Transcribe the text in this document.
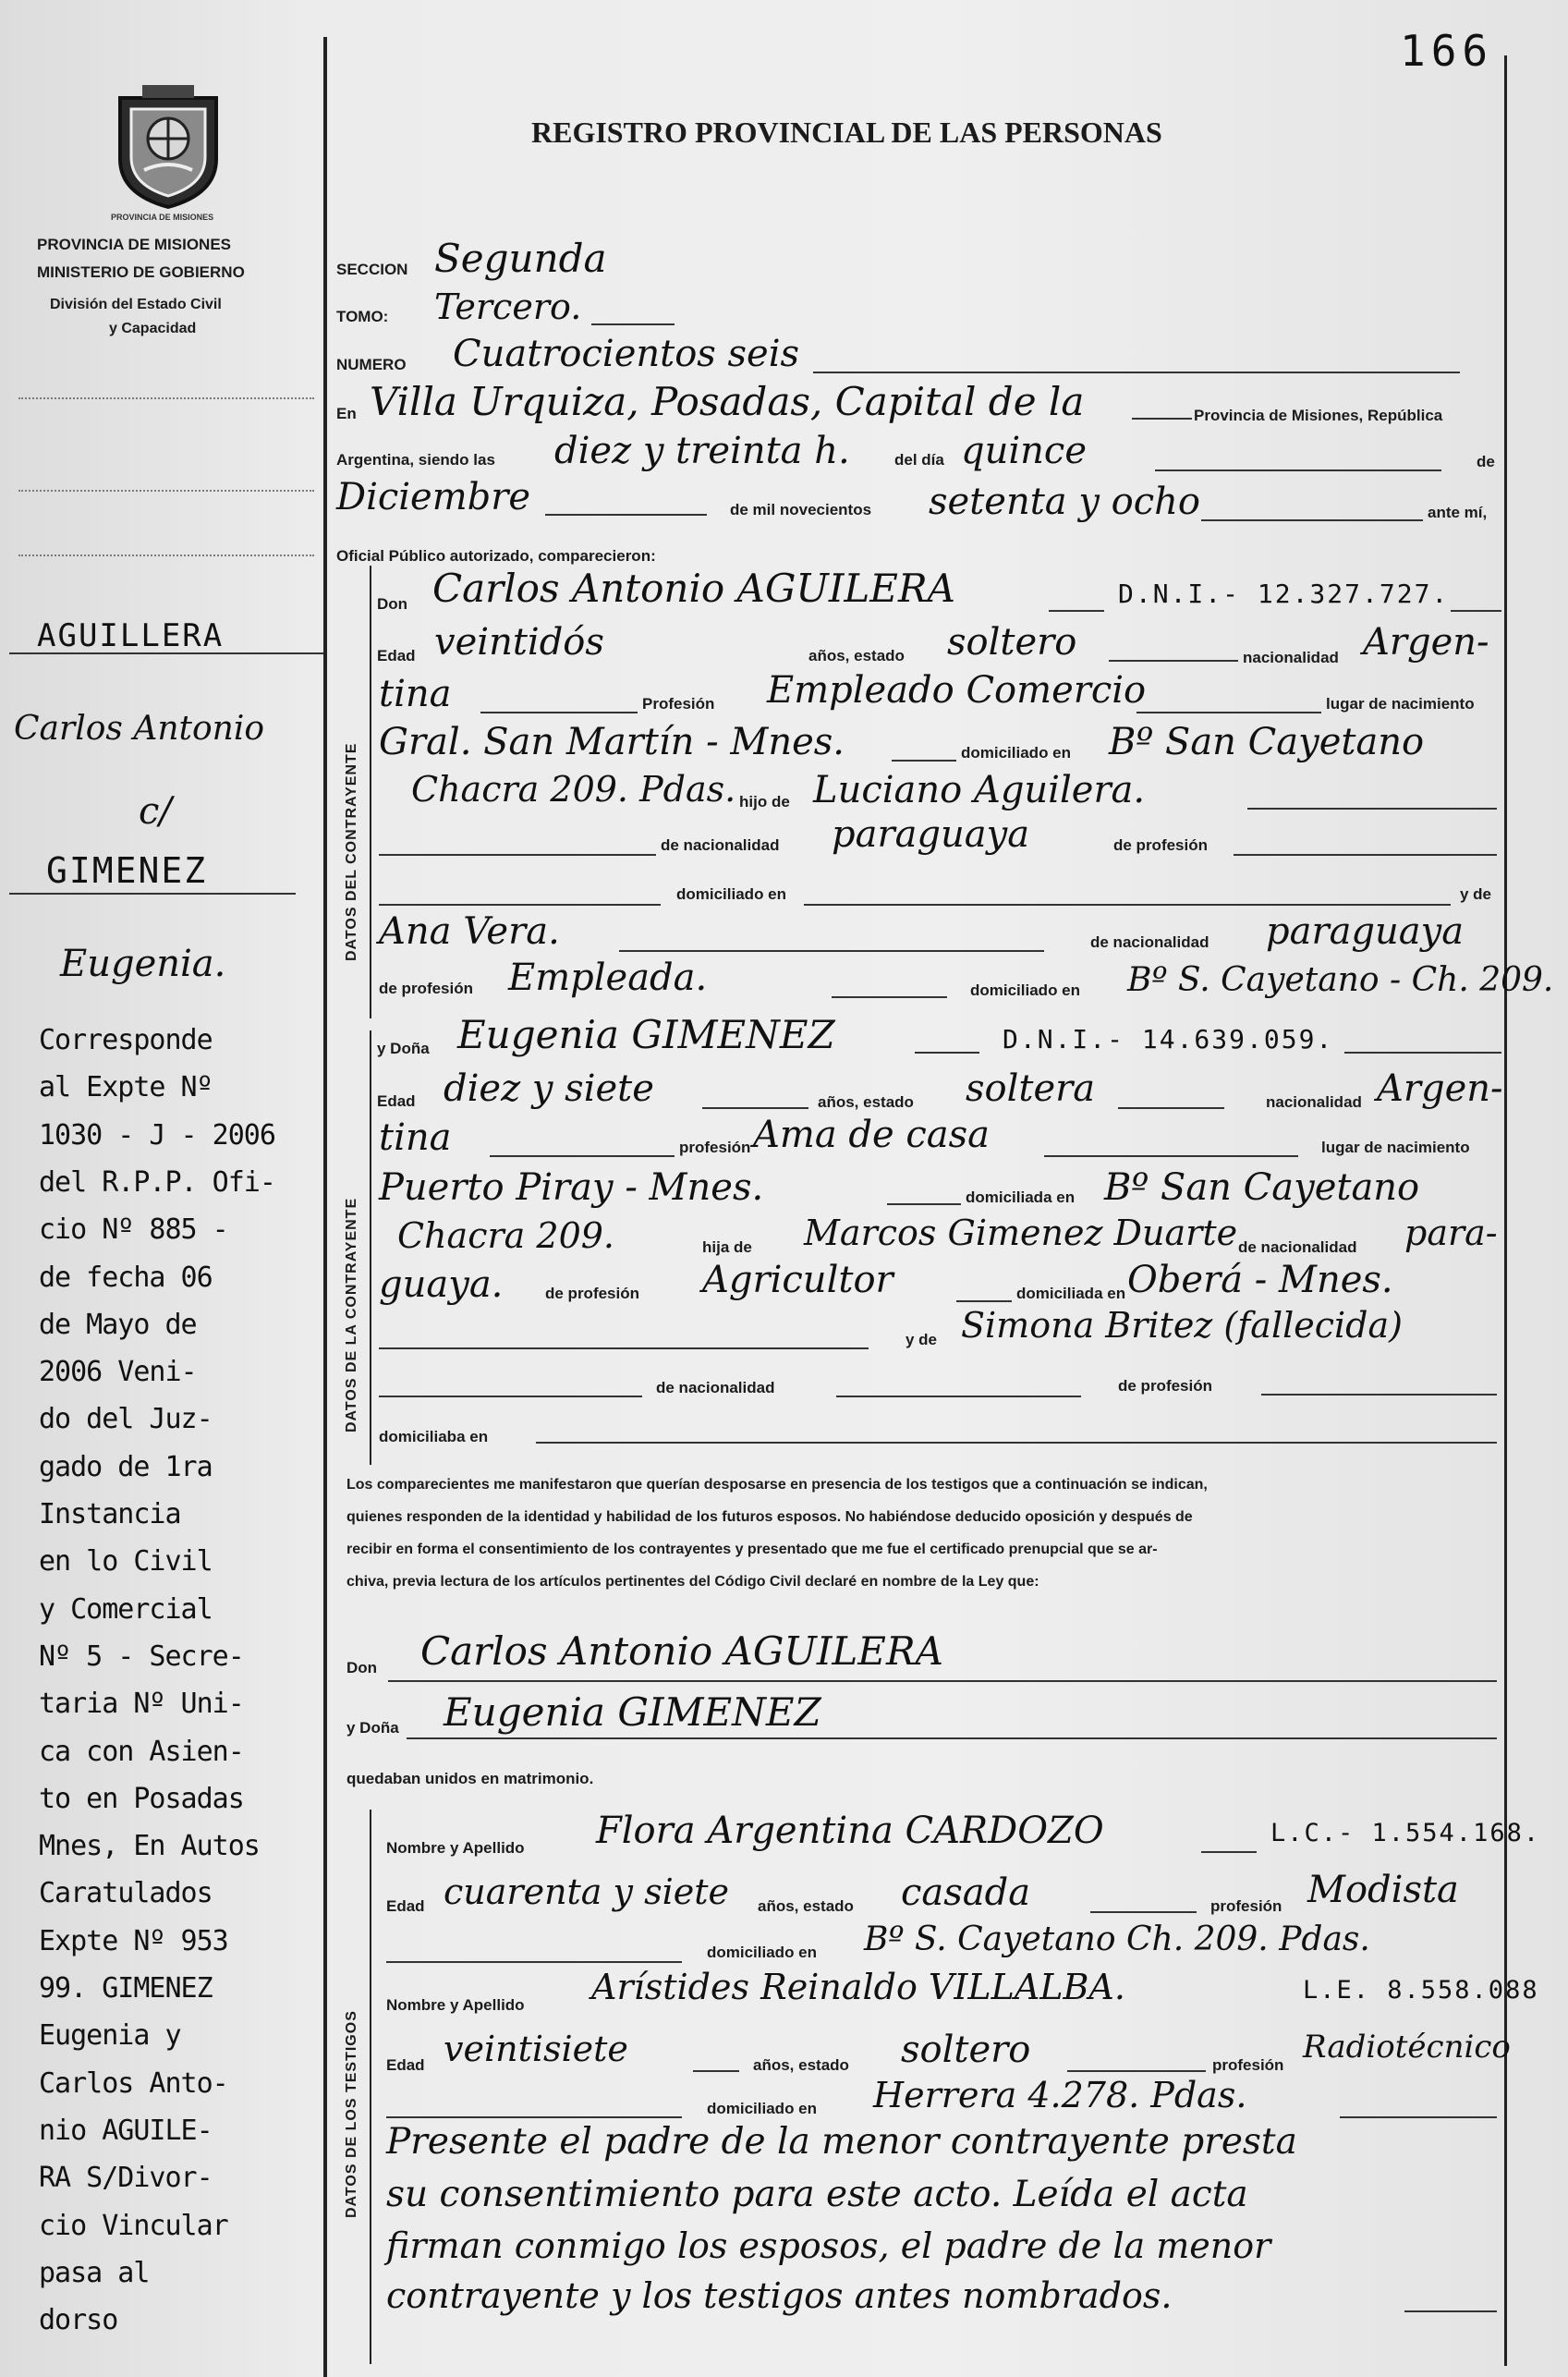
166
PROVINCIA DE MISIONES
PROVINCIA DE MISIONES
MINISTERIO DE GOBIERNO
División del Estado Civil
y Capacidad
REGISTRO PROVINCIAL DE LAS PERSONAS
SECCION Segunda
TOMO: Tercero.
NUMERO Cuatrocientos seis
En Villa Urquiza, Posadas, Capital de la	Provincia de Misiones, República
Argentina, siendo las diez y treinta h.	del día quince	de
Diciembre	de mil novecientos setenta y ocho	ante mí,
Oficial Público autorizado, comparecieron:
DATOS DEL CONTRAYENTE
Don Carlos Antonio AGUILERA	D.N.I.- 12.327.727.
Edad veintidós	años, estado soltero	nacionalidad Argen-
tina	Profesión Empleado Comercio	lugar de nacimiento
Gral. San Martín - Mnes.	domiciliado en Bº San Cayetano
Chacra 209. Pdas. hijo de Luciano Aguilera.
de nacionalidad paraguaya	de profesión
domiciliado en	y de
Ana Vera.	de nacionalidad paraguaya
de profesión Empleada.	domiciliado en Bº S. Cayetano - Ch. 209.
DATOS DE LA CONTRAYENTE
y Doña Eugenia GIMENEZ	D.N.I.- 14.639.059.
Edad diez y siete	años, estado soltera	nacionalidad Argen-
tina	profesión Ama de casa	lugar de nacimiento
Puerto Piray - Mnes.	domiciliada en Bº San Cayetano
Chacra 209.	hija de Marcos Gimenez Duarte de nacionalidad para-
guaya.	de profesión Agricultor	domiciliada en Oberá - Mnes.
y de Simona Britez (fallecida)
de nacionalidad	de profesión
domiciliaba en
Los comparecientes me manifestaron que querían desposarse en presencia de los testigos que a continuación se indican,
quienes responden de la identidad y habilidad de los futuros esposos. No habiéndose deducido oposición y después de
recibir en forma el consentimiento de los contrayentes y presentado que me fue el certificado prenupcial que se ar-
chiva, previa lectura de los artículos pertinentes del Código Civil declaré en nombre de la Ley que:
Don Carlos Antonio AGUILERA
y Doña Eugenia GIMENEZ
quedaban unidos en matrimonio.
DATOS DE LOS TESTIGOS
Nombre y Apellido Flora Argentina CARDOZO	L.C.- 1.554.168.
Edad cuarenta y siete años, estado casada	profesión Modista
domiciliado en Bº S. Cayetano Ch. 209. Pdas.
Nombre y Apellido Arístides Reinaldo VILLALBA.	L.E. 8.558.088
Edad veintisiete	años, estado soltero	profesión Radiotécnico
domiciliado en Herrera 4.278. Pdas.
Presente el padre de la menor contrayente presta
su consentimiento para este acto. Leída el acta
firman conmigo los esposos, el padre de la menor
contrayente y los testigos antes nombrados.
AGUILLERA
Carlos Antonio
c/
GIMENEZ
Eugenia.
Corresponde
al Expte Nº
1030 - J - 2006
del R.P.P. Ofi-
cio Nº 885 -
de fecha 06
de Mayo de
2006 Veni-
do del Juz-
gado de 1ra
Instancia
en lo Civil
y Comercial
Nº 5 - Secre-
taria Nº Uni-
ca con Asien-
to en Posadas
Mnes, En Autos
Caratulados
Expte Nº 953
99. GIMENEZ
Eugenia y
Carlos Anto-
nio AGUILE-
RA S/Divor-
cio Vincular
pasa al
dorso
